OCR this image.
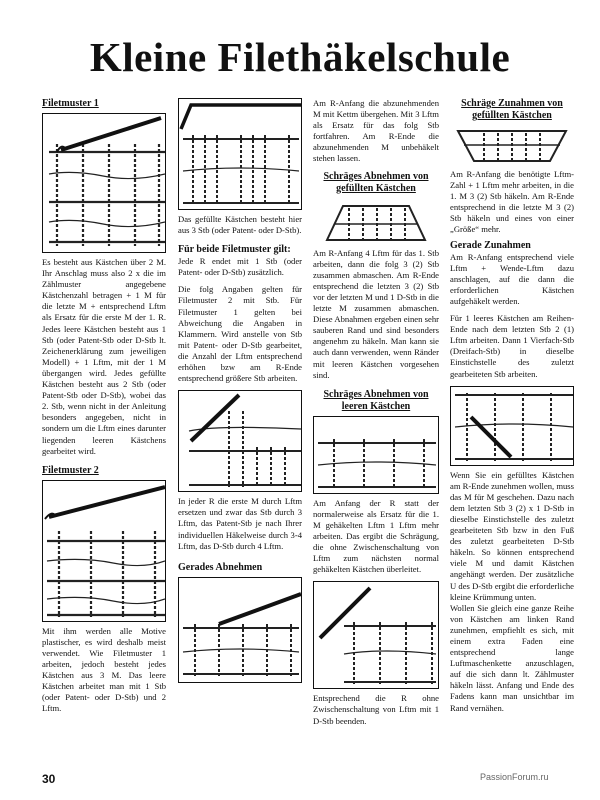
Kleine Filethäkelschule
Filetmuster 1

Es besteht aus Kästchen über 2 M. Ihr Anschlag muss also 2 x die im Zählmuster angegebene Kästchenzahl betragen + 1 M für die letzte M + entsprechend Lftm als Ersatz für die erste M der 1. R. Jedes leere Kästchen besteht aus 1 Stb (oder Patent-Stb oder D-Stb lt. Zeichenerklärung zum jeweiligen Modell) + 1 Lftm, mit der 1 M übergangen wird. Jedes gefüllte Kästchen besteht aus 2 Stb (oder Patent-Stb oder D-Stb), wobei das 2. Stb, wenn nicht in der Anleitung besonders angegeben, nicht in sondern um die Lftm eines darunter liegenden leeren Kästchens gearbeitet wird.

Filetmuster 2

Mit ihm werden alle Motive plastischer, es wird deshalb meist verwendet. Wie Filetmuster 1 arbeiten, jedoch besteht jedes Kästchen aus 3 M. Das leere Kästchen arbeitet man mit 1 Stb (oder Patent- oder D-Stb) und 2 Lftm.

Das gefüllte Kästchen besteht hier aus 3 Stb (oder Patent- oder D-Stb).

Für beide Filetmuster gilt:

Jede R endet mit 1 Stb (oder Patent- oder D-Stb) zusätzlich.

Die folg Angaben gelten für Filetmuster 2 mit Stb. Für Filetmuster 1 gelten bei Abweichung die Angaben in Klammern. Wird anstelle von Stb mit Patent- oder D-Stb gearbeitet, die Anzahl der Lftm entsprechend erhöhen bzw am R-Ende entsprechend größere Stb arbeiten.

In jeder R die erste M durch Lftm ersetzen und zwar das Stb durch 3 Lftm, das Patent-Stb je nach Ihrer individuellen Häkelweise durch 3-4 Lftm, das D-Stb durch 4 Lftm.

Gerades Abnehmen

Am R-Anfang die abzunehmenden M mit Kettm übergehen. Mit 3 Lftm als Ersatz für das folg Stb fortfahren. Am R-Ende die abzunehmenden M unbehäkelt stehen lassen.

Schräges Abnehmen von gefüllten Kästchen

Am R-Anfang 4 Lftm für das 1. Stb arbeiten, dann die folg 3 (2) Stb zusammen abmaschen. Am R-Ende entsprechend die letzten 3 (2) Stb vor der letzten M und 1 D-Stb in die letzte M zusammen abmaschen. Diese Abnahmen ergeben einen sehr sauberen Rand und sind besonders angenehm zu häkeln. Man kann sie auch dann verwenden, wenn Ränder mit leeren Kästchen vorgesehen sind.

Schräges Abnehmen von leeren Kästchen

Am Anfang der R statt der normalerweise als Ersatz für die 1. M gehäkelten Lftm 1 Lftm mehr arbeiten. Das ergibt die Schrägung, die ohne Zwischenschaltung von Lftm zum nächsten normal gehäkelten Kästchen überleitet.

Entsprechend die R ohne Zwischenschaltung von Lftm mit 1 D-Stb beenden.

Schräge Zunahmen von gefüllten Kästchen

Am R-Anfang die benötigte Lftm-Zahl + 1 Lftm mehr arbeiten, in die 1. M 3 (2) Stb häkeln. Am R-Ende entsprechend in die letzte M 3 (2) Stb häkeln und eines von einer „Größe“ mehr.

Gerade Zunahmen

Am R-Anfang entsprechend viele Lftm + Wende-Lftm dazu anschlagen, auf die dann die erforderlichen Kästchen aufgehäkelt werden.

Für 1 leeres Kästchen am Reihen-Ende nach dem letzten Stb 2 (1) Lftm arbeiten. Dann 1 Vierfach-Stb (Dreifach-Stb) in dieselbe Einstichstelle des zuletzt gearbeiteten Stb arbeiten.

Wenn Sie ein gefülltes Kästchen am R-Ende zunehmen wollen, muss das M für M geschehen. Dazu nach dem letzten Stb 3 (2) x 1 D-Stb in dieselbe Einstichstelle des zuletzt gearbeiteten Stb bzw in den Fuß des zuletzt gearbeiteten D-Stb häkeln. So können entsprechend viele M und damit Kästchen angehängt werden. Der zusätzliche U des D-Stb ergibt die erforderliche kleine Krümmung unten.

Wollen Sie gleich eine ganze Reihe von Kästchen am linken Rand zunehmen, empfiehlt es sich, mit einem extra Faden eine entsprechend lange Luftmaschenkette anzuschlagen, auf die sich dann lt. Zählmuster häkeln lässt. Anfang und Ende des Fadens kann man unsichtbar im Rand vernähen.

30	PassionForum.ru
